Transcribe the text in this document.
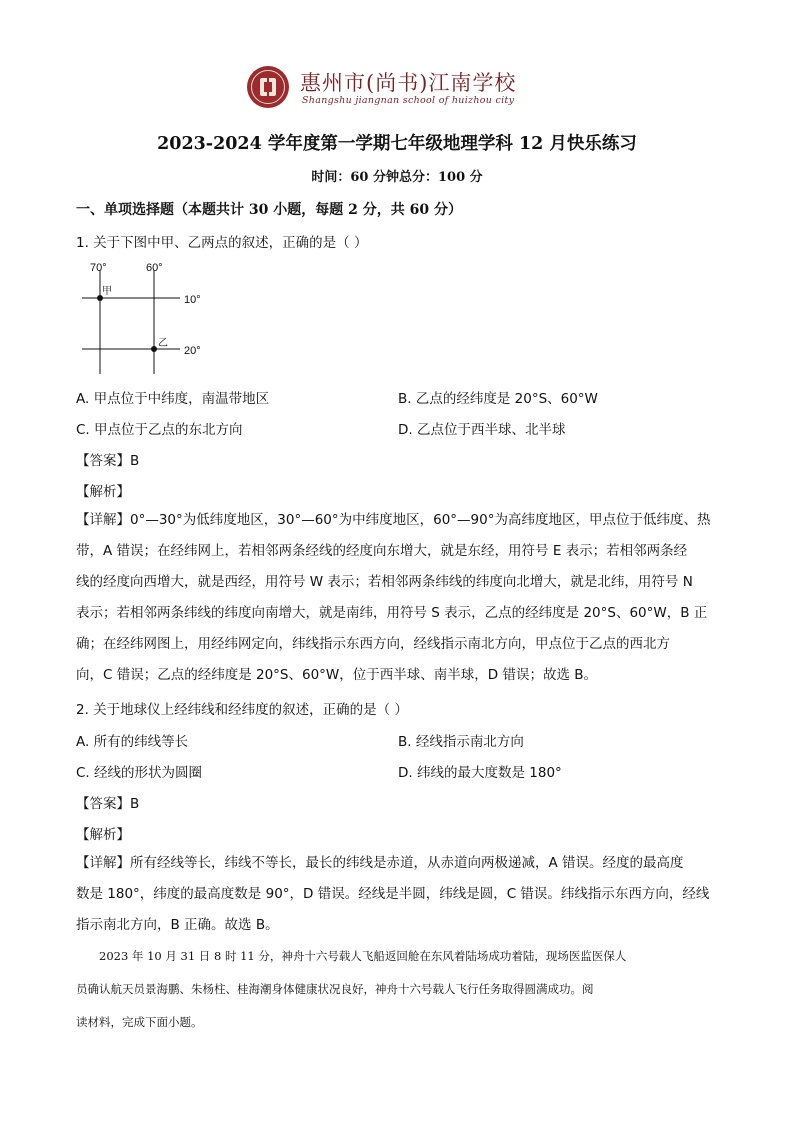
惠州市(尚书)江南学校
Shangshu jiangnan school of huizhou city
2023-2024 学年度第一学期七年级地理学科 12 月快乐练习
时间：60 分钟总分：100 分
一、单项选择题（本题共计 30 小题，每题 2 分，共 60 分）
1. 关于下图中甲、乙两点的叙述，正确的是（ ）
70°	60°
10°
20°
甲
乙
A. 甲点位于中纬度，南温带地区	B. 乙点的经纬度是 20°S、60°W
C. 甲点位于乙点的东北方向	D. 乙点位于西半球、北半球
【答案】B
【解析】

【详解】0°—30°为低纬度地区，30°—60°为中纬度地区，60°—90°为高纬度地区，甲点位于低纬度、热

带，A 错误；在经纬网上，若相邻两条经线的经度向东增大，就是东经，用符号 E 表示；若相邻两条经

线的经度向西增大，就是西经，用符号 W 表示；若相邻两条纬线的纬度向北增大，就是北纬，用符号 N

表示；若相邻两条纬线的纬度向南增大，就是南纬，用符号 S 表示，乙点的经纬度是 20°S、60°W，B 正

确；在经纬网图上，用经纬网定向，纬线指示东西方向，经线指示南北方向，甲点位于乙点的西北方

向，C 错误；乙点的经纬度是 20°S、60°W，位于西半球、南半球，D 错误；故选 B。

2. 关于地球仪上经纬线和经纬度的叙述，正确的是（ ）
A. 所有的纬线等长	B. 经线指示南北方向
C. 经线的形状为圆圈	D. 纬线的最大度数是 180°
【答案】B
【解析】

【详解】所有经线等长，纬线不等长，最长的纬线是赤道，从赤道向两极递减，A 错误。经度的最高度

数是 180°，纬度的最高度数是 90°，D 错误。经线是半圆，纬线是圆，C 错误。纬线指示东西方向，经线

指示南北方向，B 正确。故选 B。

　　2023 年 10 月 31 日 8 时 11 分，神舟十六号载人飞船返回舱在东风着陆场成功着陆，现场医监医保人

员确认航天员景海鹏、朱杨柱、桂海潮身体健康状况良好，神舟十六号载人飞行任务取得圆满成功。阅

读材料，完成下面小题。
